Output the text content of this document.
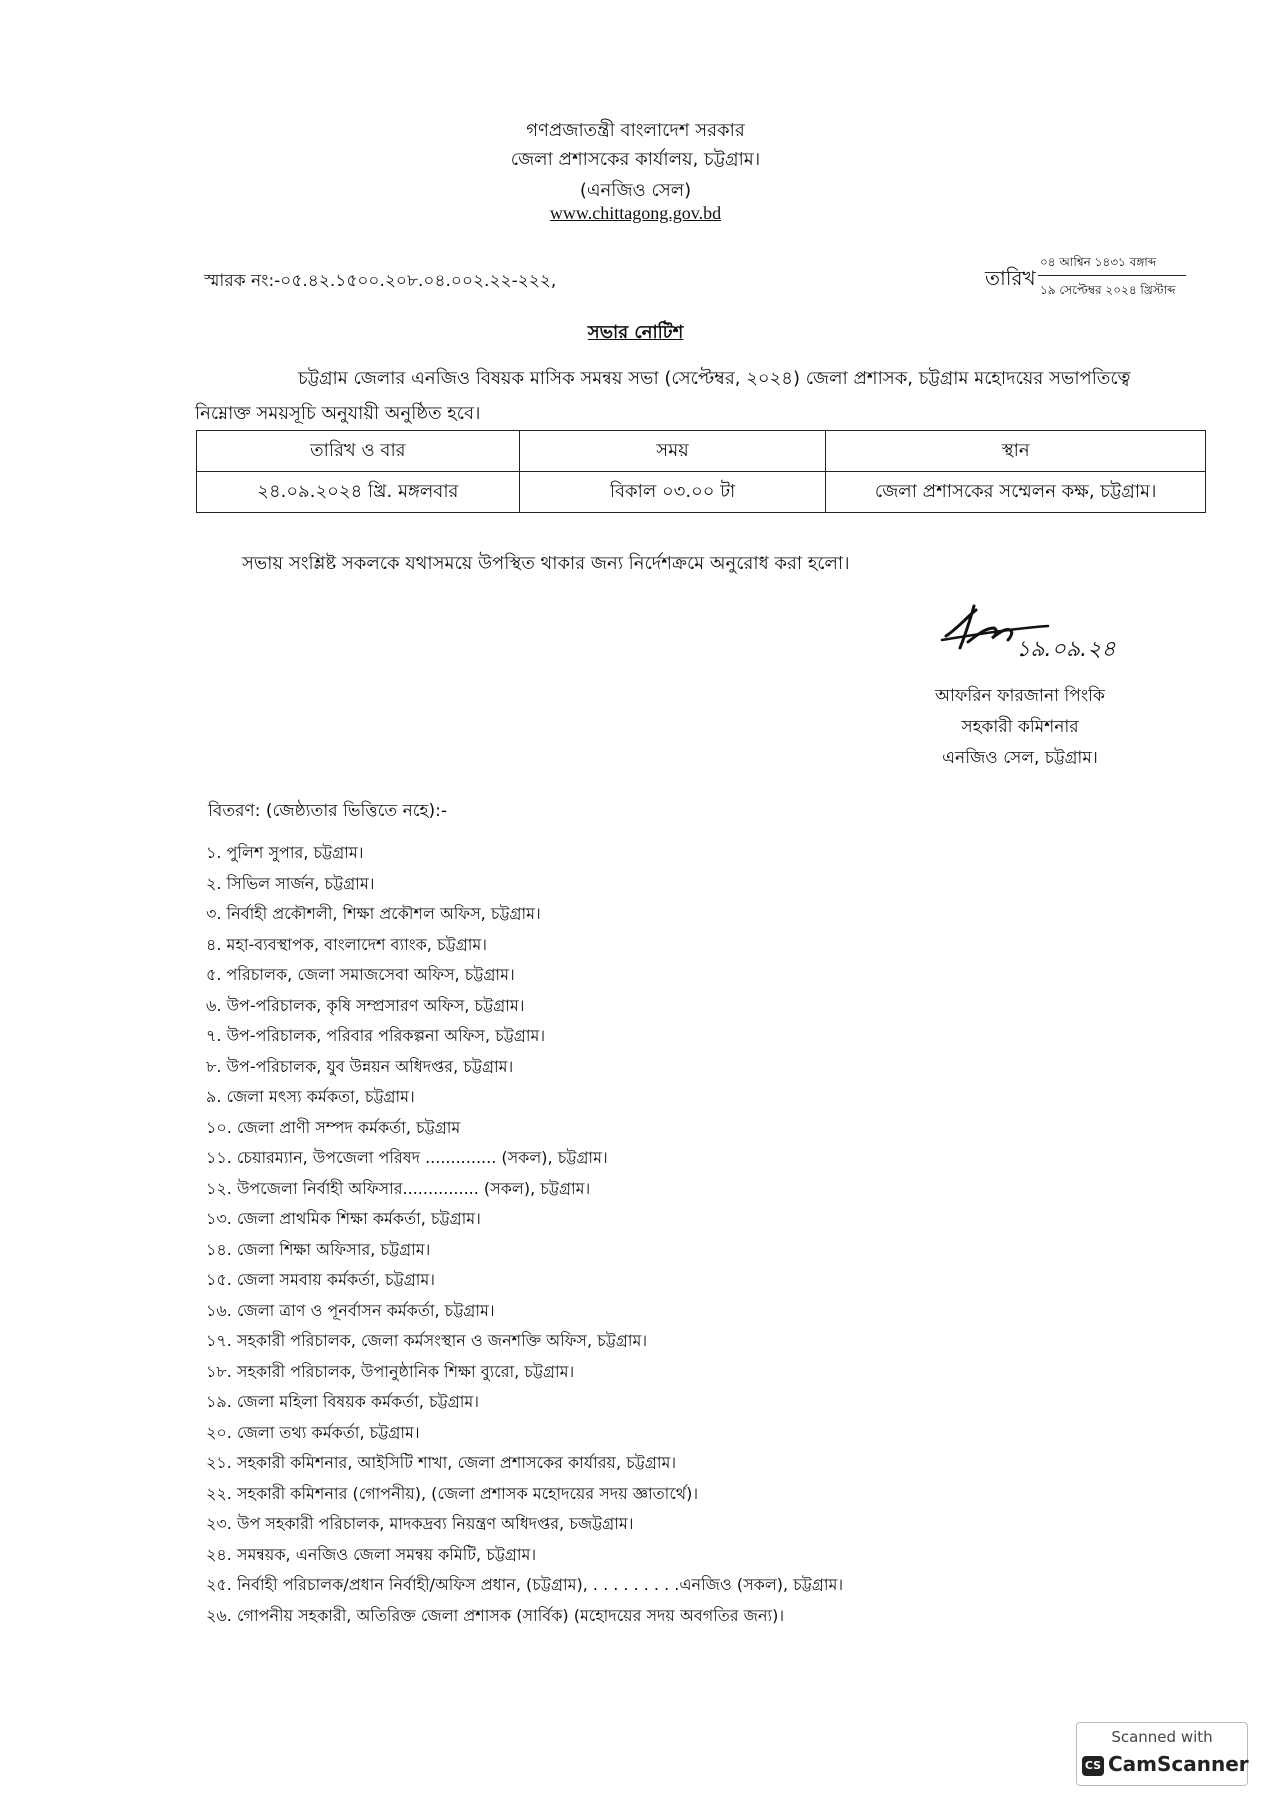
গণপ্রজাতন্ত্রী বাংলাদেশ সরকার
জেলা প্রশাসকের কার্যালয়, চট্টগ্রাম।
(এনজিও সেল)
www.chittagong.gov.bd
স্মারক নং:-০৫.৪২.১৫০০.২০৮.০৪.০০২.২২-২২২,	তারিখ
০৪ আশ্বিন ১৪৩১ বঙ্গাব্দ
১৯ সেপ্টেম্বর ২০২৪ খ্রিস্টাব্দ
সভার নোটিশ
চট্টগ্রাম জেলার এনজিও বিষয়ক মাসিক সমন্বয় সভা (সেপ্টেম্বর, ২০২৪) জেলা প্রশাসক, চট্টগ্রাম মহোদয়ের সভাপতিত্বে
নিম্নোক্ত সময়সূচি অনুযায়ী অনুষ্ঠিত হবে।
তারিখ ও বার	সময়	স্থান
২৪.০৯.২০২৪ খ্রি. মঙ্গলবার	বিকাল ০৩.০০ টা	জেলা প্রশাসকের সম্মেলন কক্ষ, চট্টগ্রাম।
সভায় সংশ্লিষ্ট সকলকে যথাসময়ে উপস্থিত থাকার জন্য নির্দেশক্রমে অনুরোধ করা হলো।
১৯.০৯.২৪
আফরিন ফারজানা পিংকি
সহকারী কমিশনার
এনজিও সেল, চট্টগ্রাম।
বিতরণ: (জেষ্ঠ্যতার ভিত্তিতে নহে):-
১. পুলিশ সুপার, চট্টগ্রাম।
২. সিভিল সার্জন, চট্টগ্রাম।
৩. নির্বাহী প্রকৌশলী, শিক্ষা প্রকৌশল অফিস, চট্টগ্রাম।
৪. মহা-ব্যবস্থাপক, বাংলাদেশ ব্যাংক, চট্টগ্রাম।
৫. পরিচালক, জেলা সমাজসেবা অফিস, চট্টগ্রাম।
৬. উপ-পরিচালক, কৃষি সম্প্রসারণ অফিস, চট্টগ্রাম।
৭. উপ-পরিচালক, পরিবার পরিকল্পনা অফিস, চট্টগ্রাম।
৮. উপ-পরিচালক, যুব উন্নয়ন অধিদপ্তর, চট্টগ্রাম।
৯. জেলা মৎস্য কর্মকতা, চট্টগ্রাম।
১০. জেলা প্রাণী সম্পদ কর্মকর্তা, চট্টগ্রাম
১১. চেয়ারম্যান, উপজেলা পরিষদ .............. (সকল), চট্টগ্রাম।
১২. উপজেলা নির্বাহী অফিসার............... (সকল), চট্টগ্রাম।
১৩. জেলা প্রাথমিক শিক্ষা কর্মকর্তা, চট্টগ্রাম।
১৪. জেলা শিক্ষা অফিসার, চট্টগ্রাম।
১৫. জেলা সমবায় কর্মকর্তা, চট্টগ্রাম।
১৬. জেলা ত্রাণ ও পূনর্বাসন কর্মকর্তা, চট্টগ্রাম।
১৭. সহকারী পরিচালক, জেলা কর্মসংস্থান ও জনশক্তি অফিস, চট্টগ্রাম।
১৮. সহকারী পরিচালক, উপানুষ্ঠানিক শিক্ষা ব্যুরো, চট্টগ্রাম।
১৯. জেলা মহিলা বিষয়ক কর্মকর্তা, চট্টগ্রাম।
২০. জেলা তথ্য কর্মকর্তা, চট্টগ্রাম।
২১. সহকারী কমিশনার, আইসিটি শাখা, জেলা প্রশাসকের কার্যারয়, চট্টগ্রাম।
২২. সহকারী কমিশনার (গোপনীয়), (জেলা প্রশাসক মহোদয়ের সদয় জ্ঞাতার্থে)।
২৩. উপ সহকারী পরিচালক, মাদকদ্রব্য নিয়ন্ত্রণ অধিদপ্তর, চজট্টগ্রাম।
২৪. সমন্বয়ক, এনজিও জেলা সমন্বয় কমিটি, চট্টগ্রাম।
২৫. নির্বাহী পরিচালক/প্রধান নির্বাহী/অফিস প্রধান, (চট্টগ্রাম), . . . . . . . . .এনজিও (সকল), চট্টগ্রাম।
২৬. গোপনীয় সহকারী, অতিরিক্ত জেলা প্রশাসক (সার্বিক) (মহোদয়ের সদয় অবগতির জন্য)।
Scanned with
CS CamScanner
